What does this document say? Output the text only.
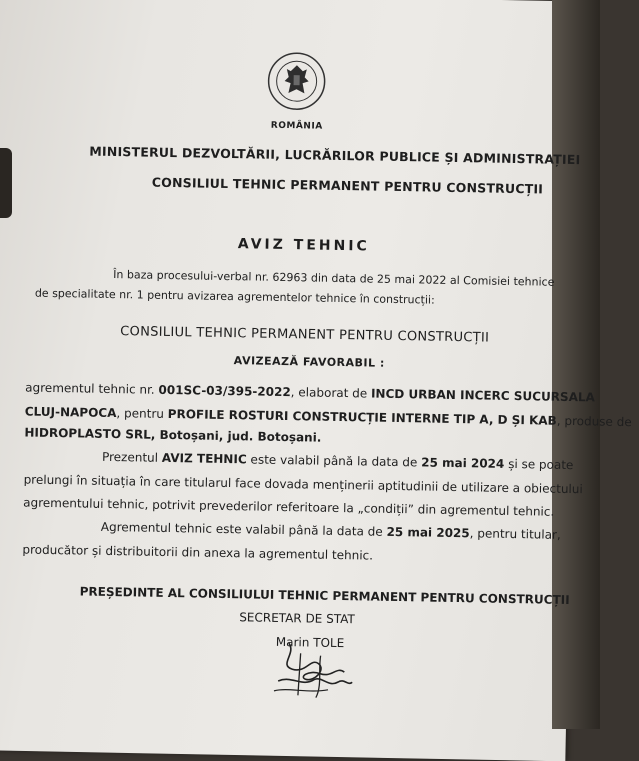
ROMÂNIA
MINISTERUL DEZVOLTĂRII, LUCRĂRILOR PUBLICE ȘI ADMINISTRAȚIEI
CONSILIUL TEHNIC PERMANENT PENTRU CONSTRUCȚII
AVIZ TEHNIC
În baza procesului-verbal nr. 62963 din data de 25 mai 2022 al Comisiei tehnice
de specialitate nr. 1 pentru avizarea agrementelor tehnice în construcții:
CONSILIUL TEHNIC PERMANENT PENTRU CONSTRUCȚII
AVIZEAZĂ FAVORABIL :
agrementul tehnic nr. 001SC-03/395-2022, elaborat de INCD URBAN INCERC SUCURSALA
CLUJ-NAPOCA, pentru PROFILE ROSTURI CONSTRUCȚIE INTERNE TIP A, D ȘI KAB, produse de
HIDROPLASTO SRL, Botoșani, jud. Botoșani.
Prezentul AVIZ TEHNIC este valabil până la data de 25 mai 2024 și se poate
prelungi în situația în care titularul face dovada menținerii aptitudinii de utilizare a obiectului
agrementului tehnic, potrivit prevederilor referitoare la „condiții” din agrementul tehnic.
Agrementul tehnic este valabil până la data de 25 mai 2025, pentru titular,
producător și distribuitorii din anexa la agrementul tehnic.
PREȘEDINTE AL CONSILIULUI TEHNIC PERMANENT PENTRU CONSTRUCȚII
SECRETAR DE STAT
Marin TOLE
